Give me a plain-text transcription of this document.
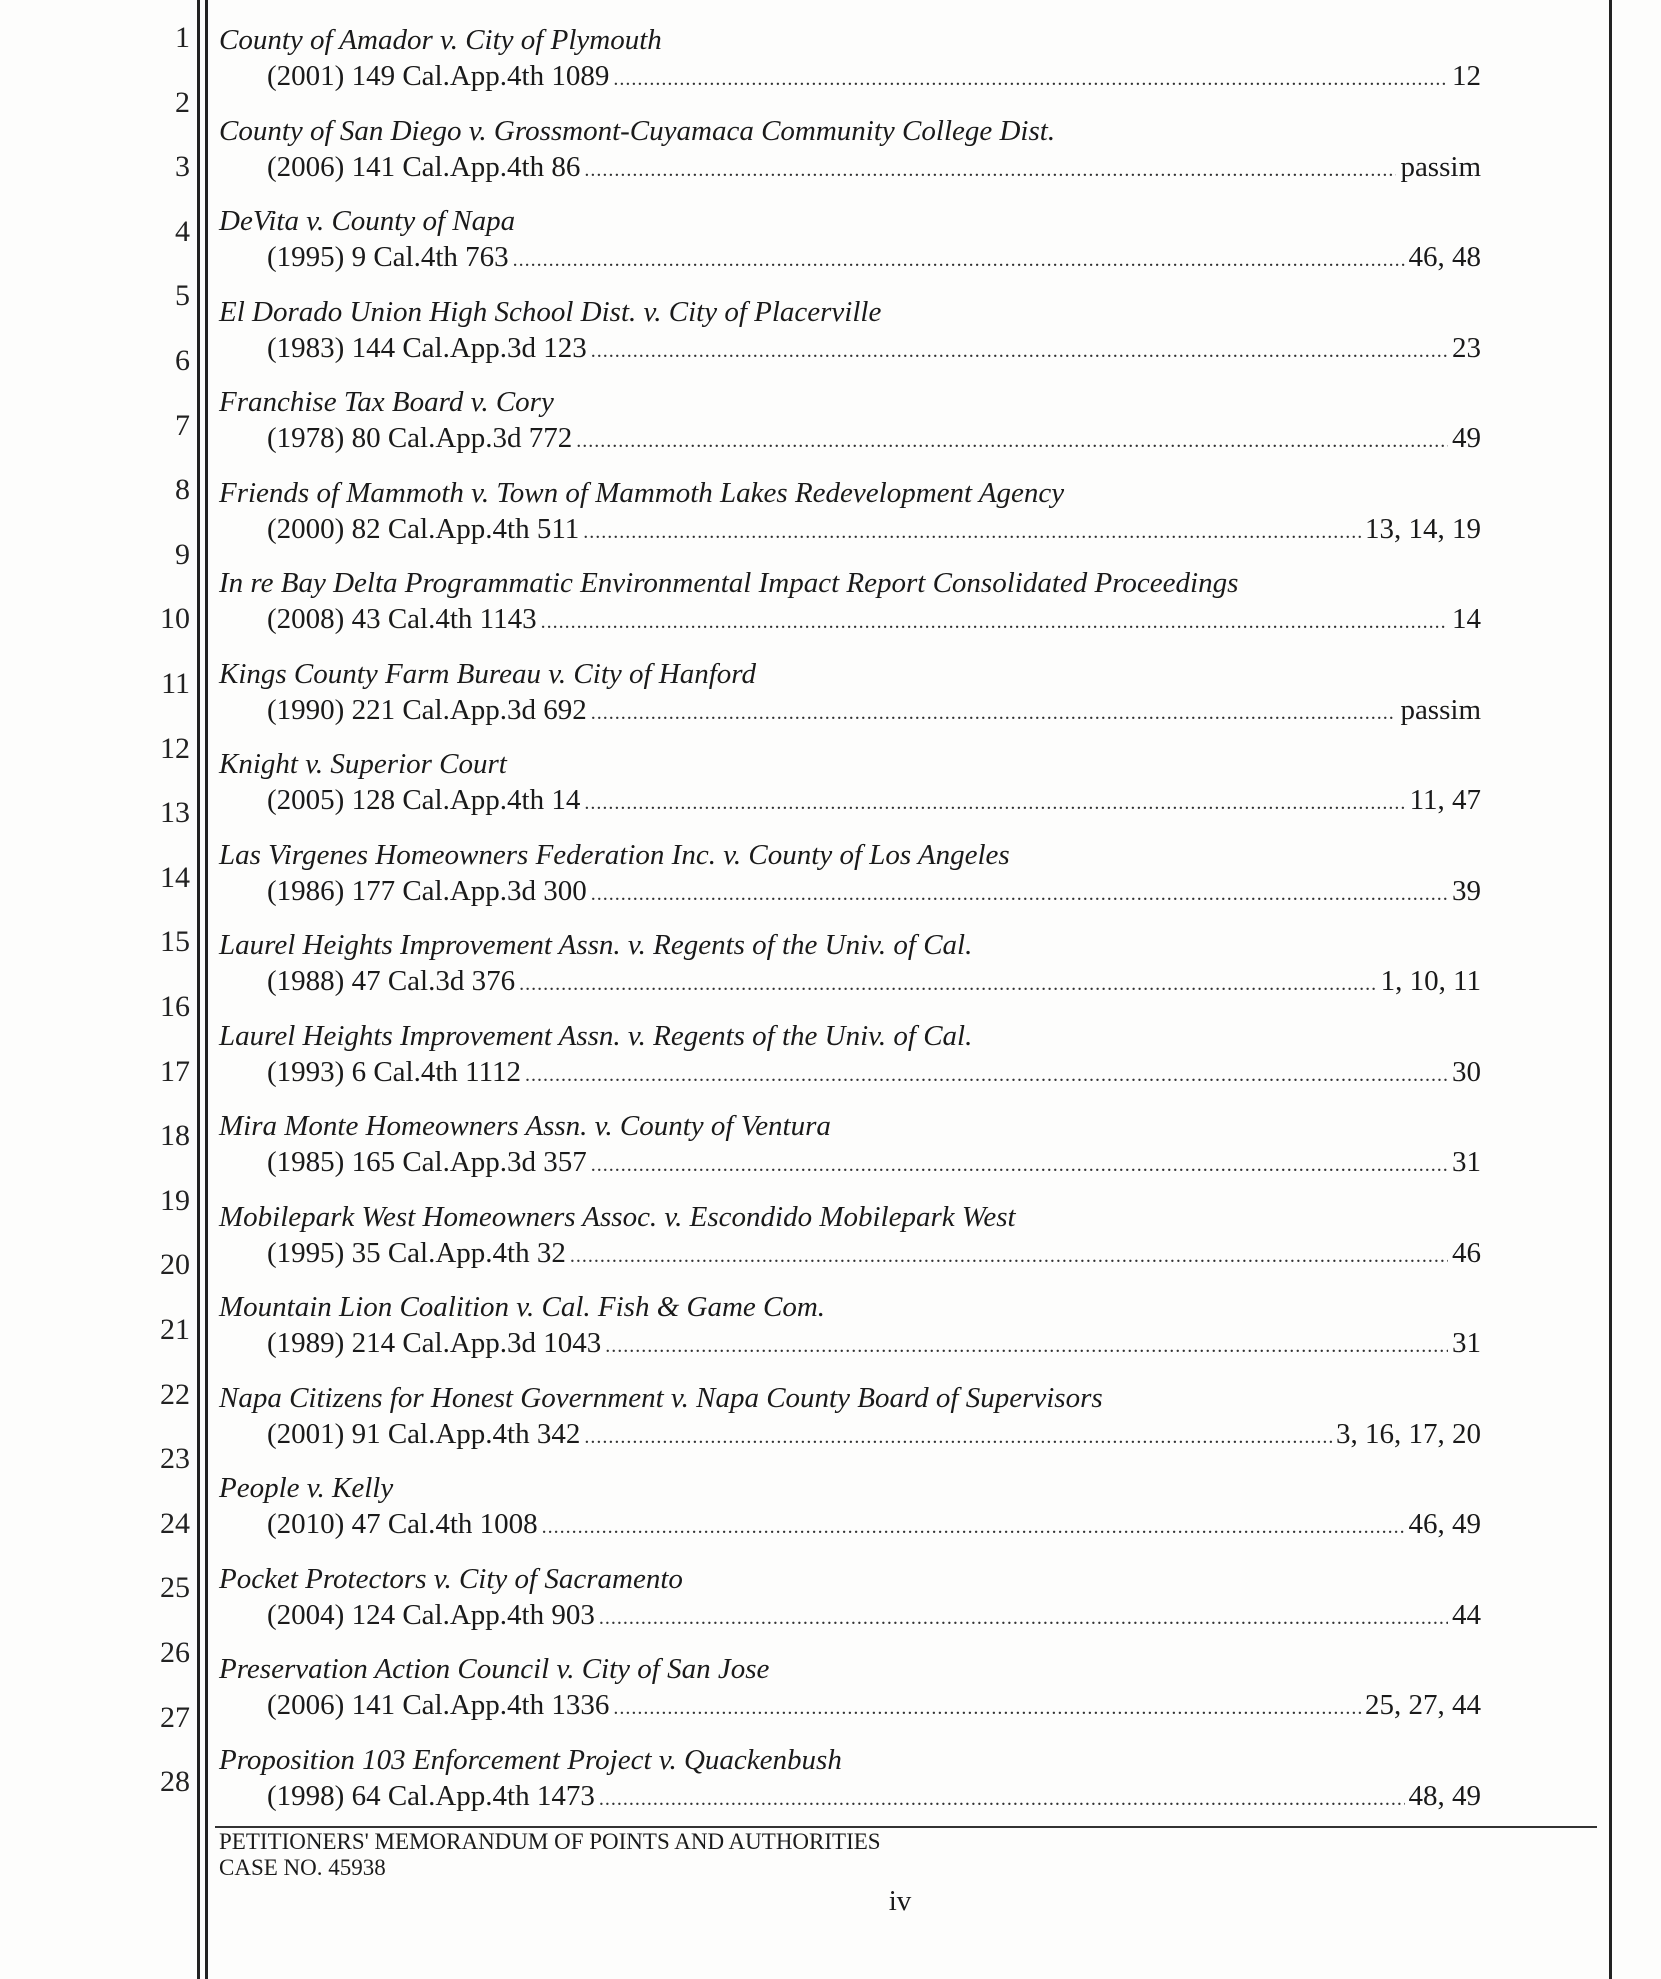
1
2
3
4
5
6
7
8
9
10
11
12
13
14
15
16
17
18
19
20
21
22
23
24
25
26
27
28
County of Amador v. City of Plymouth
(2001) 149 Cal.App.4th 1089 . . .	12
County of San Diego v. Grossmont-Cuyamaca Community College Dist.
(2006) 141 Cal.App.4th 86 . . .	passim
DeVita v. County of Napa
(1995) 9 Cal.4th 763 . . .	46, 48
El Dorado Union High School Dist. v. City of Placerville
(1983) 144 Cal.App.3d 123 . . .	23
Franchise Tax Board v. Cory
(1978) 80 Cal.App.3d 772 . . .	49
Friends of Mammoth v. Town of Mammoth Lakes Redevelopment Agency
(2000) 82 Cal.App.4th 511 . . .	13, 14, 19
In re Bay Delta Programmatic Environmental Impact Report Consolidated Proceedings
(2008) 43 Cal.4th 1143 . . .	14
Kings County Farm Bureau v. City of Hanford
(1990) 221 Cal.App.3d 692 . . .	passim
Knight v. Superior Court
(2005) 128 Cal.App.4th 14 . . .	11, 47
Las Virgenes Homeowners Federation Inc. v. County of Los Angeles
(1986) 177 Cal.App.3d 300 . . .	39
Laurel Heights Improvement Assn. v. Regents of the Univ. of Cal.
(1988) 47 Cal.3d 376 . . .	1, 10, 11
Laurel Heights Improvement Assn. v. Regents of the Univ. of Cal.
(1993) 6 Cal.4th 1112 . . .	30
Mira Monte Homeowners Assn. v. County of Ventura
(1985) 165 Cal.App.3d 357 . . .	31
Mobilepark West Homeowners Assoc. v. Escondido Mobilepark West
(1995) 35 Cal.App.4th 32 . . .	46
Mountain Lion Coalition v. Cal. Fish & Game Com.
(1989) 214 Cal.App.3d 1043 . . .	31
Napa Citizens for Honest Government v. Napa County Board of Supervisors
(2001) 91 Cal.App.4th 342 . . .	3, 16, 17, 20
People v. Kelly
(2010) 47 Cal.4th 1008 . . .	46, 49
Pocket Protectors v. City of Sacramento
(2004) 124 Cal.App.4th 903 . . .	44
Preservation Action Council v. City of San Jose
(2006) 141 Cal.App.4th 1336 . . .	25, 27, 44
Proposition 103 Enforcement Project v. Quackenbush
(1998) 64 Cal.App.4th 1473 . . .	48, 49
PETITIONERS' MEMORANDUM OF POINTS AND AUTHORITIES
CASE NO. 45938
iv
